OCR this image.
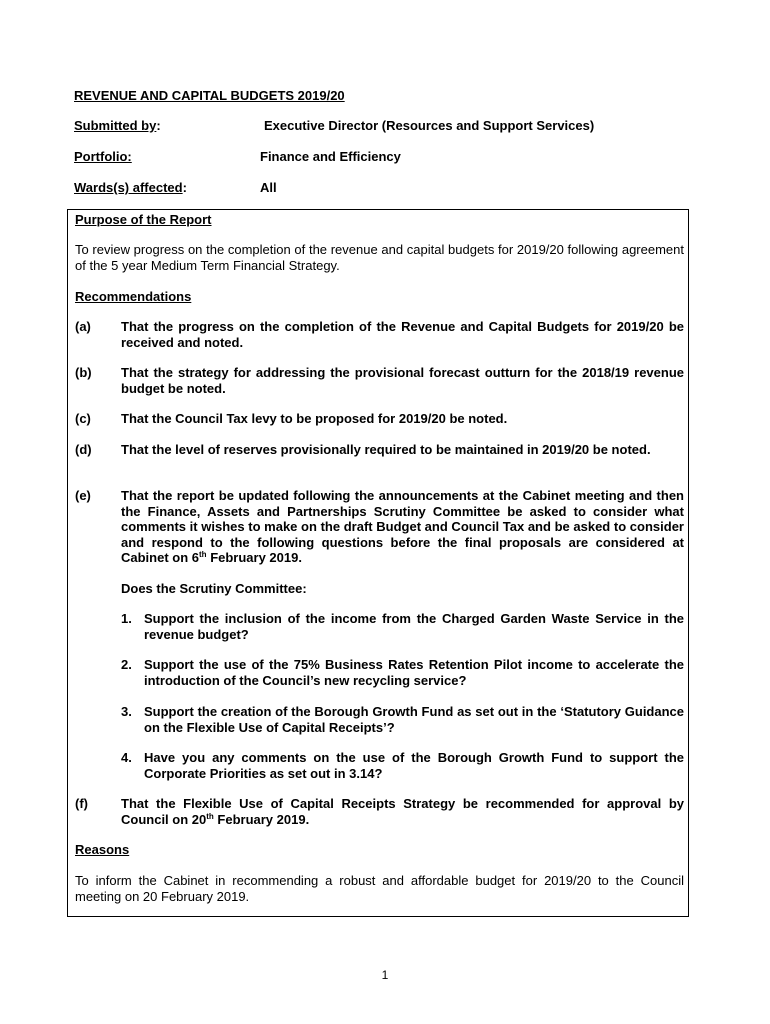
REVENUE AND CAPITAL BUDGETS 2019/20
Submitted by:	Executive Director (Resources and Support Services)
Portfolio:	Finance and Efficiency
Wards(s) affected:	All
Purpose of the Report
To review progress on the completion of the revenue and capital budgets for 2019/20 following agreement of the 5 year Medium Term Financial Strategy.
Recommendations
(a) That the progress on the completion of the Revenue and Capital Budgets for 2019/20 be received and noted.
(b) That the strategy for addressing the provisional forecast outturn for the 2018/19 revenue budget be noted.
(c) That the Council Tax levy to be proposed for 2019/20 be noted.
(d) That the level of reserves provisionally required to be maintained in 2019/20 be noted.
(e) That the report be updated following the announcements at the Cabinet meeting and then the Finance, Assets and Partnerships Scrutiny Committee be asked to consider what comments it wishes to make on the draft Budget and Council Tax and be asked to consider and respond to the following questions before the final proposals are considered at Cabinet on 6th February 2019.
Does the Scrutiny Committee:
1. Support the inclusion of the income from the Charged Garden Waste Service in the revenue budget?
2. Support the use of the 75% Business Rates Retention Pilot income to accelerate the introduction of the Council’s new recycling service?
3. Support the creation of the Borough Growth Fund as set out in the ‘Statutory Guidance on the Flexible Use of Capital Receipts’?
4. Have you any comments on the use of the Borough Growth Fund to support the Corporate Priorities as set out in 3.14?
(f)	That the Flexible Use of Capital Receipts Strategy be recommended for approval by Council on 20th February 2019.
Reasons
To inform the Cabinet in recommending a robust and affordable budget for 2019/20 to the Council meeting on 20 February 2019.
1
